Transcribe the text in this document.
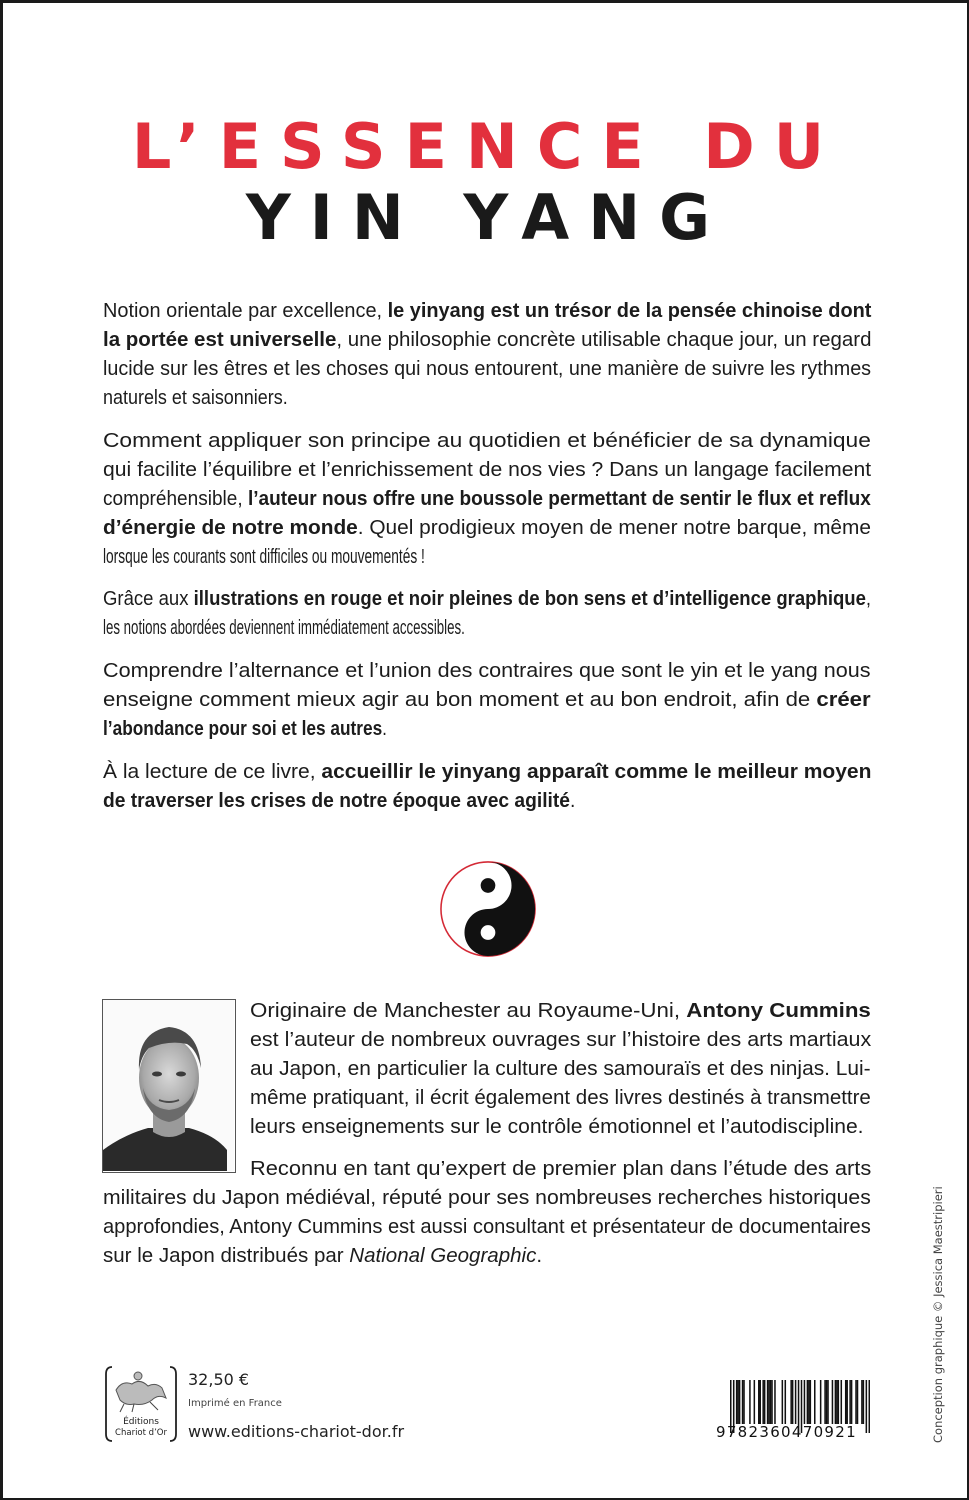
L’ESSENCE DU
YIN YANG
Notion orientale par excellence, le yinyang est un trésor de la pensée chinoise dont
la portée est universelle, une philosophie concrète utilisable chaque jour, un regard
lucide sur les êtres et les choses qui nous entourent, une manière de suivre les rythmes
naturels et saisonniers.
Comment appliquer son principe au quotidien et bénéficier de sa dynamique
qui facilite l’équilibre et l’enrichissement de nos vies ? Dans un langage facilement
compréhensible, l’auteur nous offre une boussole permettant de sentir le flux et reflux
d’énergie de notre monde. Quel prodigieux moyen de mener notre barque, même
lorsque les courants sont difficiles ou mouvementés !
Grâce aux illustrations en rouge et noir pleines de bon sens et d’intelligence graphique,
les notions abordées deviennent immédiatement accessibles.
Comprendre l’alternance et l’union des contraires que sont le yin et le yang nous
enseigne comment mieux agir au bon moment et au bon endroit, afin de créer
l’abondance pour soi et les autres.
À la lecture de ce livre, accueillir le yinyang apparaît comme le meilleur moyen
de traverser les crises de notre époque avec agilité.
Originaire de Manchester au Royaume-Uni, Antony Cummins
est l’auteur de nombreux ouvrages sur l’histoire des arts martiaux
au Japon, en particulier la culture des samouraïs et des ninjas. Lui-
même pratiquant, il écrit également des livres destinés à transmettre
leurs enseignements sur le contrôle émotionnel et l’autodiscipline.
Reconnu en tant qu’expert de premier plan dans l’étude des arts
militaires du Japon médiéval, réputé pour ses nombreuses recherches historiques
approfondies, Antony Cummins est aussi consultant et présentateur de documentaires
sur le Japon distribués par National Geographic.
Éditions
Chariot d’Or
32,50 €
Imprimé en France
www.editions-chariot-dor.fr	9782360470921	Conception graphique © Jessica Maestripieri
